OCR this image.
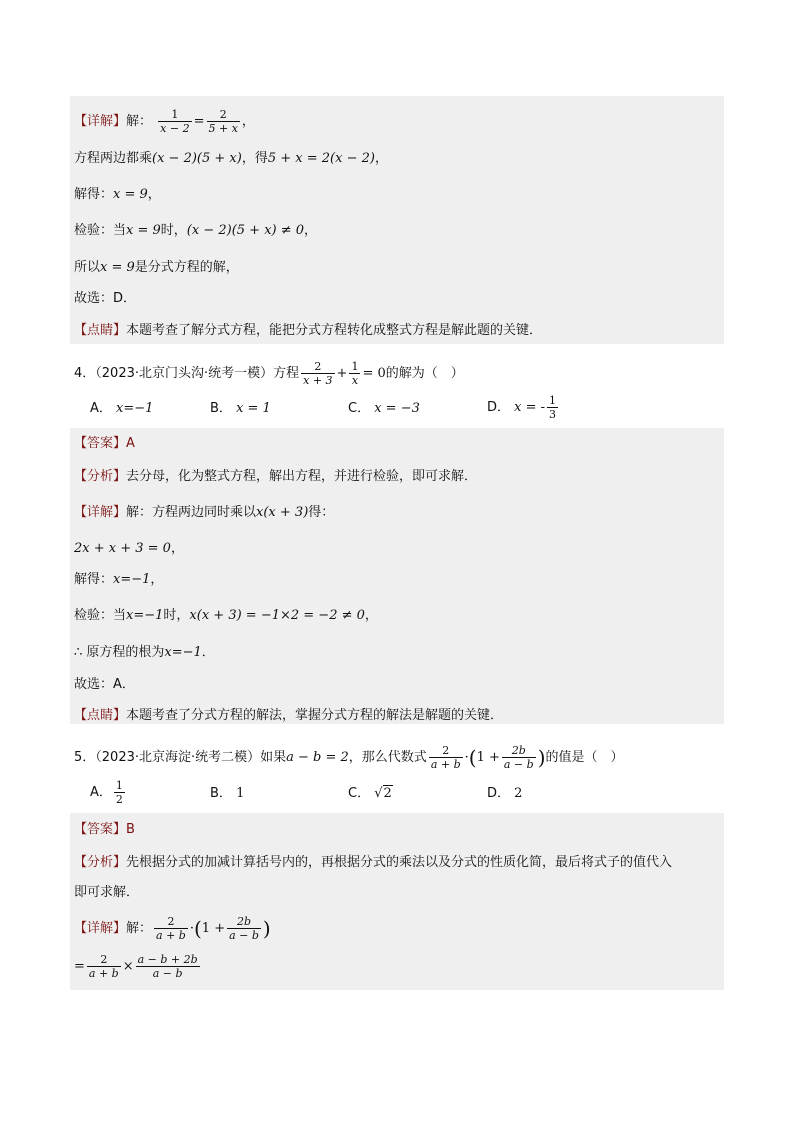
【详解】解： $\frac{1}{x - 2} = \frac{2}{5 + x}$ ，
方程两边都乘(x − 2)(5 + x)，得5 + x = 2(x − 2)，
解得：x = 9，
检验：当x = 9时，(x − 2)(5 + x) ≠ 0，
所以x = 9是分式方程的解，
故选：D．
【点睛】本题考查了解分式方程，能把分式方程转化成整式方程是解此题的关键．
4．（2023·北京门头沟·统考一模）方程 $\frac{2}{x + 3} + \frac{1}{x} = 0$的解为（　）
A． x=−1	B． x = 1	C． x = −3	D． x = - $\frac{1}{3}$
【答案】A
【分析】去分母，化为整式方程，解出方程，并进行检验，即可求解．
【详解】解：方程两边同时乘以x(x + 3)得：
2x + x + 3 = 0，
解得：x=−1，
检验：当x=−1时，x(x + 3) = −1×2 = −2 ≠ 0，
∴ 原方程的根为x=−1．
故选：A．
【点睛】本题考查了分式方程的解法，掌握分式方程的解法是解题的关键．
5．（2023·北京海淀·统考二模）如果a − b = 2，那么代数式 $\frac{2}{a + b} \cdot(1 + \frac{2b}{a - b}$ )的值是（　）
A． $\frac{1}{2}$	B． 1	C． √2	D． 2
【答案】B
【分析】先根据分式的加减计算括号内的，再根据分式的乘法以及分式的性质化简，最后将式子的值代入
即可求解．
【详解】解： $\frac{2}{a + b} \cdot(1 + \frac{2b}{a - b}$ )
= $\frac{2}{a + b} \times \frac{a - b + 2b}{a - b}$
